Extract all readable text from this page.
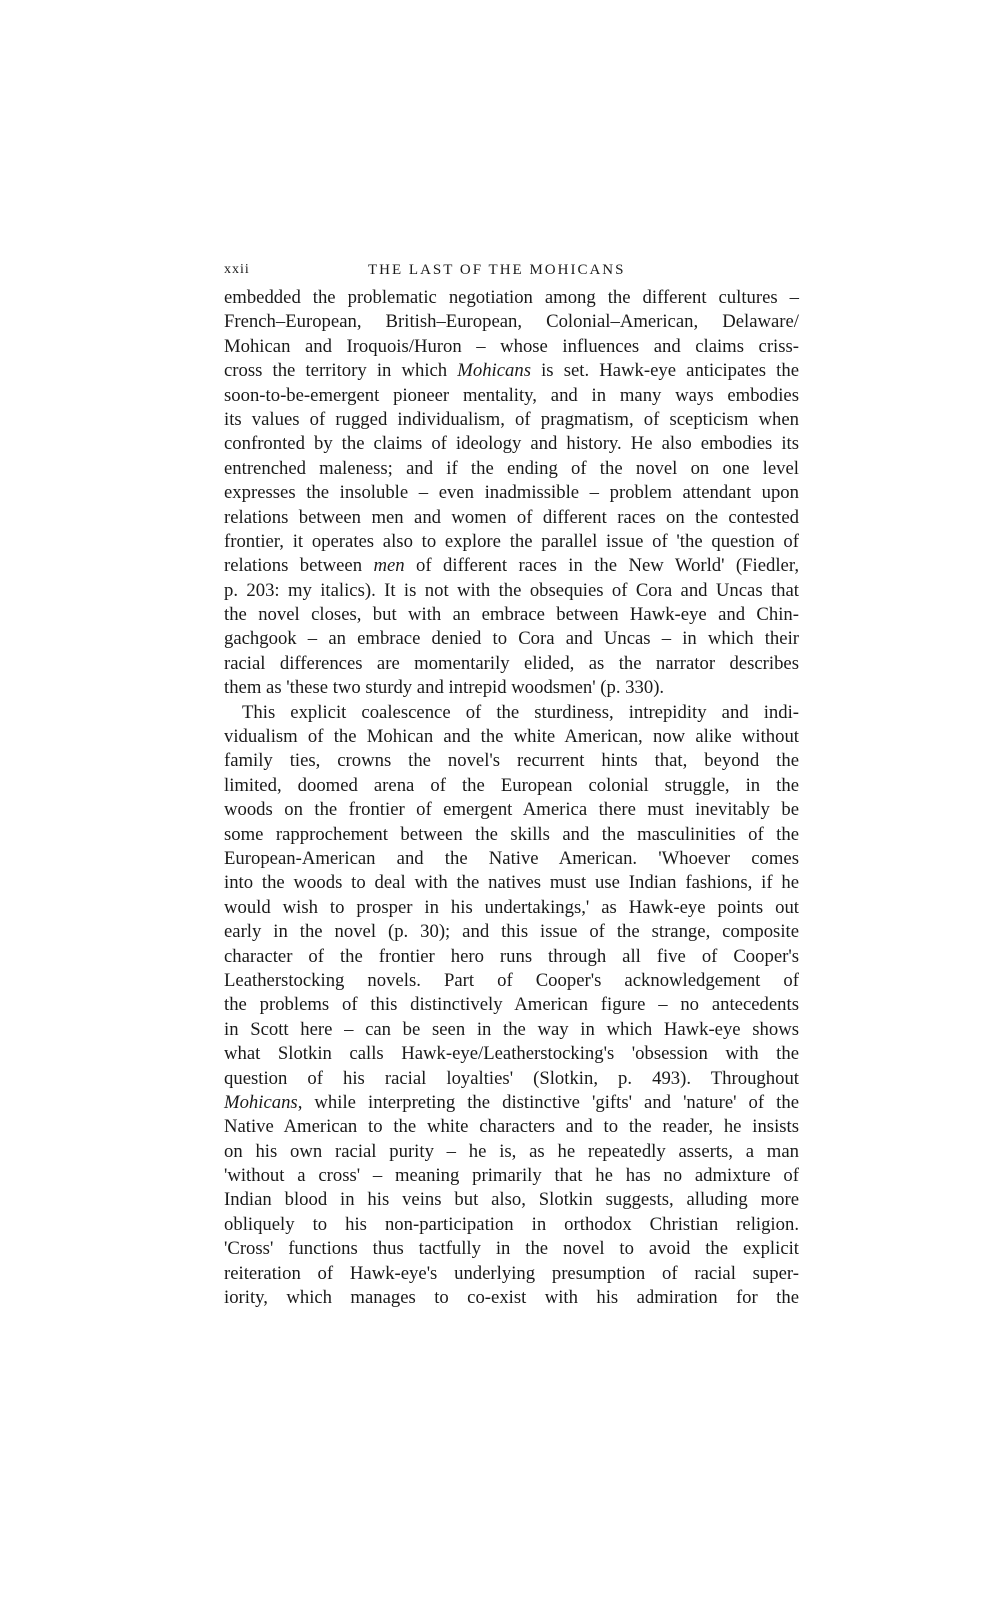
xxii	THE LAST OF THE MOHICANS
embedded the problematic negotiation among the different cultures –
French–European, British–European, Colonial–American, Delaware/
Mohican and Iroquois/Huron – whose influences and claims criss-
cross the territory in which Mohicans is set. Hawk-eye anticipates the
soon-to-be-emergent pioneer mentality, and in many ways embodies
its values of rugged individualism, of pragmatism, of scepticism when
confronted by the claims of ideology and history. He also embodies its
entrenched maleness; and if the ending of the novel on one level
expresses the insoluble – even inadmissible – problem attendant upon
relations between men and women of different races on the contested
frontier, it operates also to explore the parallel issue of 'the question of
relations between men of different races in the New World' (Fiedler,
p. 203: my italics). It is not with the obsequies of Cora and Uncas that
the novel closes, but with an embrace between Hawk-eye and Chin-
gachgook – an embrace denied to Cora and Uncas – in which their
racial differences are momentarily elided, as the narrator describes
them as 'these two sturdy and intrepid woodsmen' (p. 330).
This explicit coalescence of the sturdiness, intrepidity and indi-
vidualism of the Mohican and the white American, now alike without
family ties, crowns the novel's recurrent hints that, beyond the
limited, doomed arena of the European colonial struggle, in the
woods on the frontier of emergent America there must inevitably be
some rapprochement between the skills and the masculinities of the
European-American and the Native American. 'Whoever comes
into the woods to deal with the natives must use Indian fashions, if he
would wish to prosper in his undertakings,' as Hawk-eye points out
early in the novel (p. 30); and this issue of the strange, composite
character of the frontier hero runs through all five of Cooper's
Leatherstocking novels. Part of Cooper's acknowledgement of
the problems of this distinctively American figure – no antecedents
in Scott here – can be seen in the way in which Hawk-eye shows
what Slotkin calls Hawk-eye/Leatherstocking's 'obsession with the
question of his racial loyalties' (Slotkin, p. 493). Throughout
Mohicans, while interpreting the distinctive 'gifts' and 'nature' of the
Native American to the white characters and to the reader, he insists
on his own racial purity – he is, as he repeatedly asserts, a man
'without a cross' – meaning primarily that he has no admixture of
Indian blood in his veins but also, Slotkin suggests, alluding more
obliquely to his non-participation in orthodox Christian religion.
'Cross' functions thus tactfully in the novel to avoid the explicit
reiteration of Hawk-eye's underlying presumption of racial super-
iority, which manages to co-exist with his admiration for the
